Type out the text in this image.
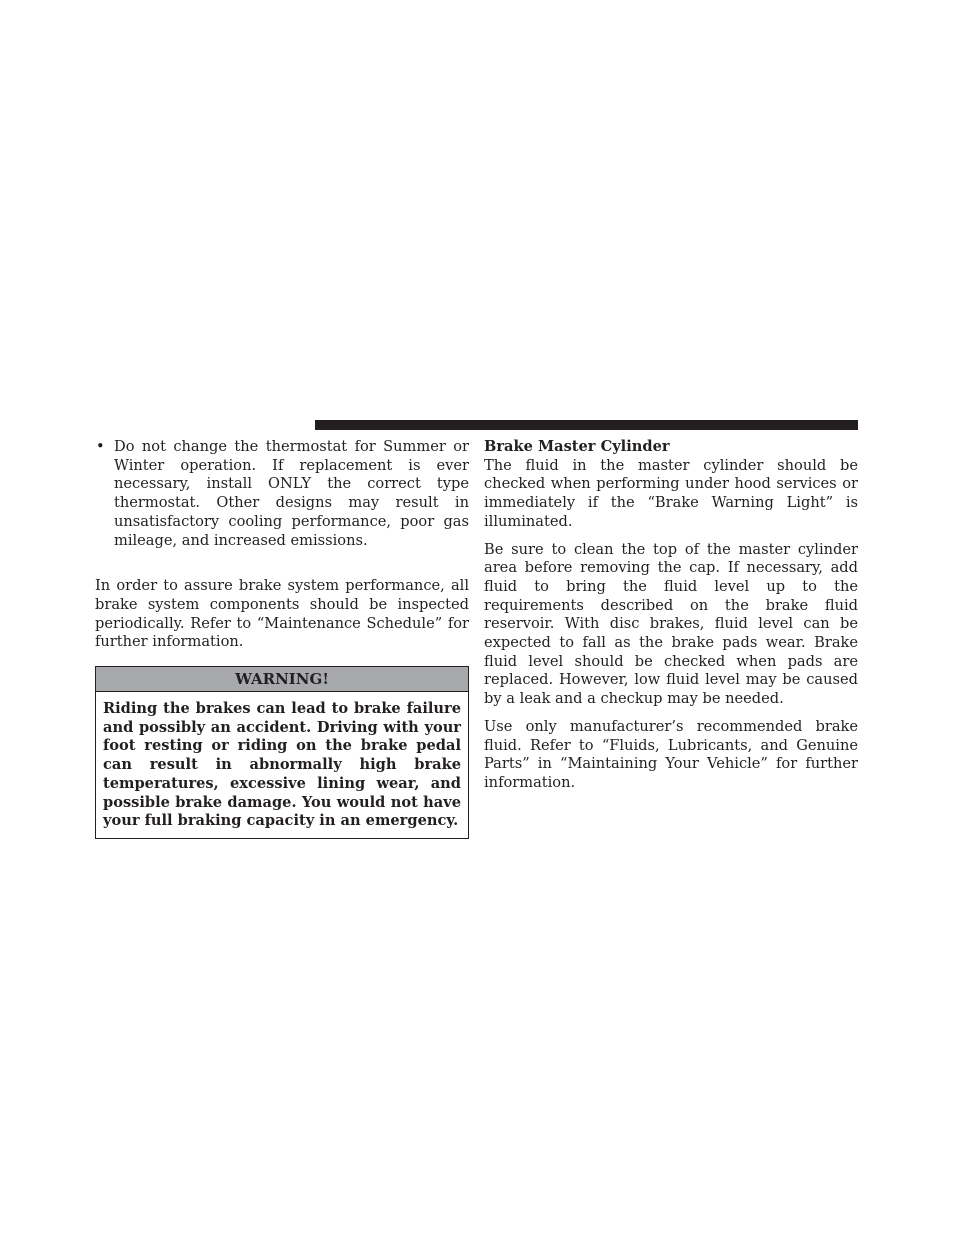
• Do not change the thermostat for Summer or Winter operation. If replacement is ever necessary, install ONLY the correct type thermostat. Other designs may result in unsatisfactory cooling performance, poor gas mileage, and increased emissions.

In order to assure brake system performance, all brake system components should be inspected periodically. Refer to “Maintenance Schedule” for further information.

WARNING!
Riding the brakes can lead to brake failure and possibly an accident. Driving with your foot resting or riding on the brake pedal can result in abnormally high brake temperatures, excessive lining wear, and possible brake damage. You would not have your full braking capacity in an emergency.

Brake Master Cylinder

The fluid in the master cylinder should be checked when performing under hood services or immediately if the “Brake Warning Light” is illuminated.

Be sure to clean the top of the master cylinder area before removing the cap. If necessary, add fluid to bring the fluid level up to the requirements described on the brake fluid reservoir. With disc brakes, fluid level can be expected to fall as the brake pads wear. Brake fluid level should be checked when pads are replaced. However, low fluid level may be caused by a leak and a checkup may be needed.

Use only manufacturer’s recommended brake fluid. Refer to “Fluids, Lubricants, and Genuine Parts” in “Maintaining Your Vehicle” for further information.
